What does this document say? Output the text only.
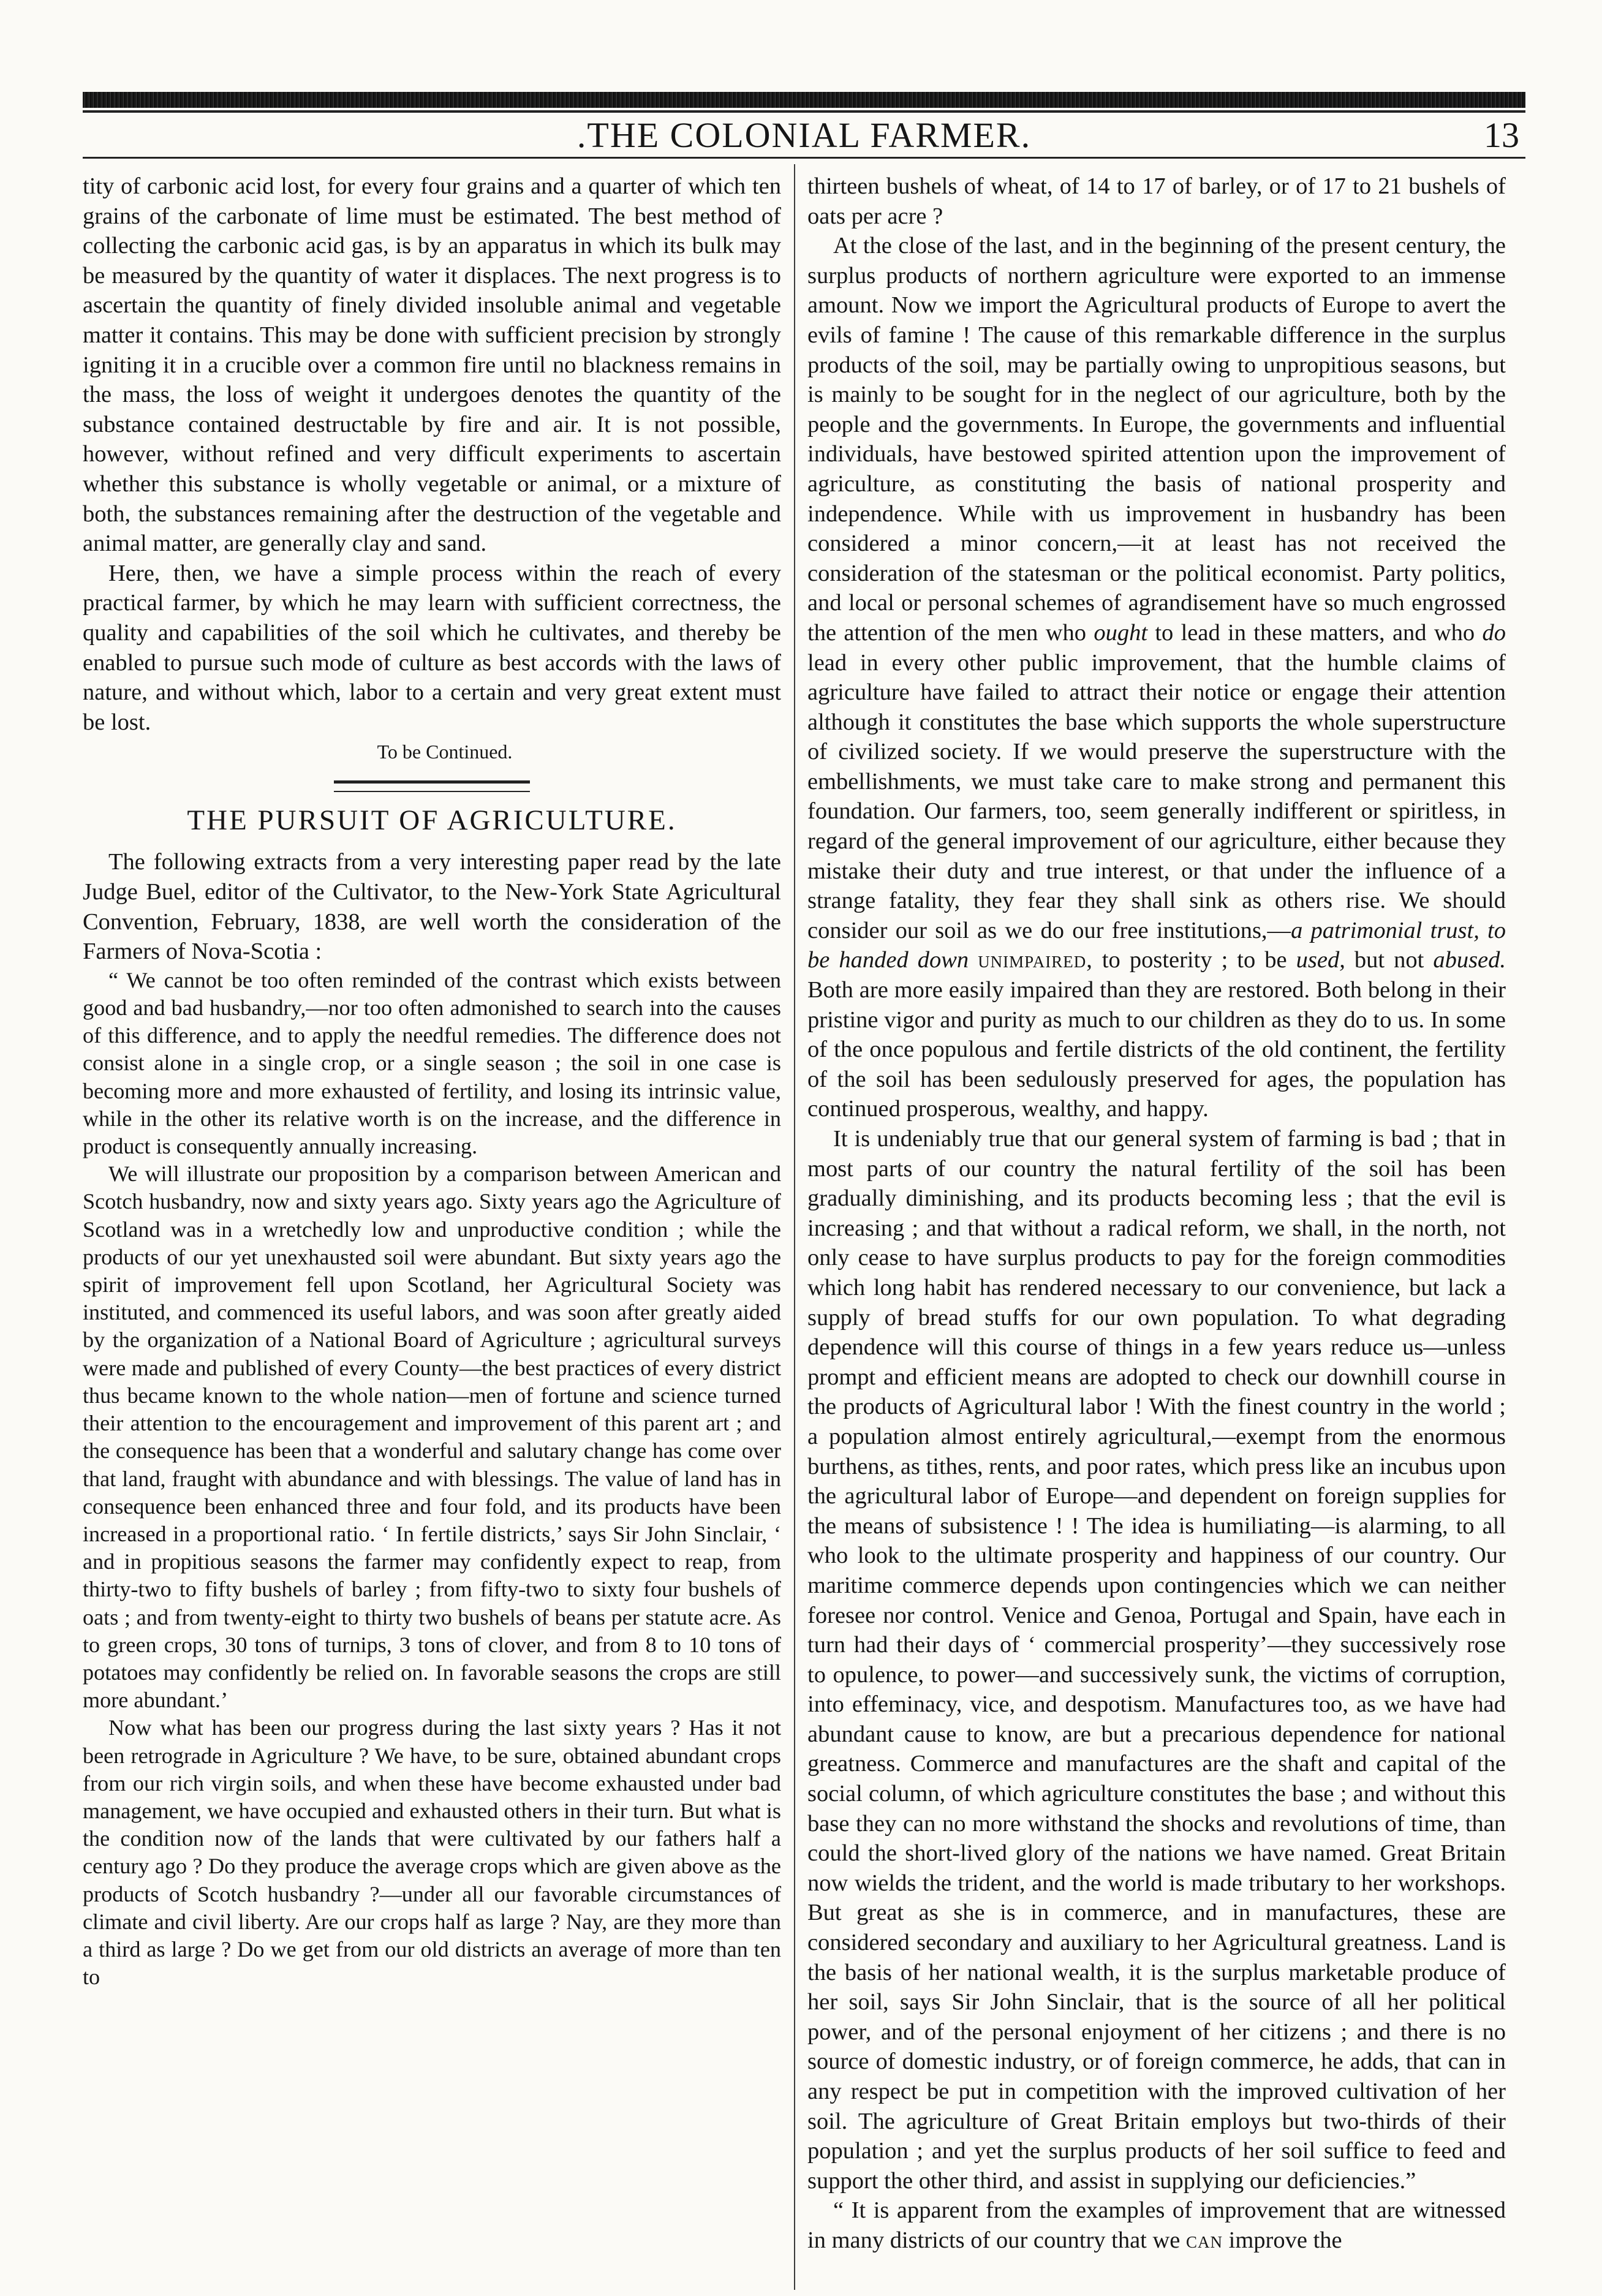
.THE COLONIAL FARMER.	13

tity of carbonic acid lost, for every four grains and a quarter of which ten grains of the carbonate of lime must be estimated. The best method of collecting the carbonic acid gas, is by an apparatus in which its bulk may be measured by the quantity of water it displaces. The next progress is to ascertain the quantity of finely divided insoluble animal and vegetable matter it contains. This may be done with sufficient precision by strongly igniting it in a crucible over a common fire until no blackness remains in the mass, the loss of weight it undergoes denotes the quantity of the substance contained destructable by fire and air. It is not possible, however, without refined and very difficult experiments to ascertain whether this substance is wholly vegetable or animal, or a mixture of both, the substances remaining after the destruction of the vegetable and animal matter, are generally clay and sand.

Here, then, we have a simple process within the reach of every practical farmer, by which he may learn with sufficient correctness, the quality and capabilities of the soil which he cultivates, and thereby be enabled to pursue such mode of culture as best accords with the laws of nature, and without which, labor to a certain and very great extent must be lost.

To be Continued.

THE PURSUIT OF AGRICULTURE.

The following extracts from a very interesting paper read by the late Judge Buel, editor of the Cultivator, to the New-York State Agricultural Convention, February, 1838, are well worth the consideration of the Farmers of Nova-Scotia :

“ We cannot be too often reminded of the contrast which exists between good and bad husbandry,—nor too often admonished to search into the causes of this difference, and to apply the needful remedies. The difference does not consist alone in a single crop, or a single season ; the soil in one case is becoming more and more exhausted of fertility, and losing its intrinsic value, while in the other its relative worth is on the increase, and the difference in product is consequently annually increasing.

We will illustrate our proposition by a comparison between American and Scotch husbandry, now and sixty years ago. Sixty years ago the Agriculture of Scotland was in a wretchedly low and unproductive condition ; while the products of our yet unexhausted soil were abundant. But sixty years ago the spirit of improvement fell upon Scotland, her Agricultural Society was instituted, and commenced its useful labors, and was soon after greatly aided by the organization of a National Board of Agriculture ; agricultural surveys were made and published of every County—the best practices of every district thus became known to the whole nation—men of fortune and science turned their attention to the encouragement and improvement of this parent art ; and the consequence has been that a wonderful and salutary change has come over that land, fraught with abundance and with blessings. The value of land has in consequence been enhanced three and four fold, and its products have been increased in a proportional ratio. ‘ In fertile districts,’ says Sir John Sinclair, ‘ and in propitious seasons the farmer may confidently expect to reap, from thirty-two to fifty bushels of barley ; from fifty-two to sixty four bushels of oats ; and from twenty-eight to thirty two bushels of beans per statute acre. As to green crops, 30 tons of turnips, 3 tons of clover, and from 8 to 10 tons of potatoes may confidently be relied on. In favorable seasons the crops are still more abundant.’

Now what has been our progress during the last sixty years ? Has it not been retrograde in Agriculture ? We have, to be sure, obtained abundant crops from our rich virgin soils, and when these have become exhausted under bad management, we have occupied and exhausted others in their turn. But what is the condition now of the lands that were cultivated by our fathers half a century ago ? Do they produce the average crops which are given above as the products of Scotch husbandry ?—under all our favorable circumstances of climate and civil liberty. Are our crops half as large ? Nay, are they more than a third as large ? Do we get from our old districts an average of more than ten to

thirteen bushels of wheat, of 14 to 17 of barley, or of 17 to 21 bushels of oats per acre ?

At the close of the last, and in the beginning of the present century, the surplus products of northern agriculture were exported to an immense amount. Now we import the Agricultural products of Europe to avert the evils of famine ! The cause of this remarkable difference in the surplus products of the soil, may be partially owing to unpropitious seasons, but is mainly to be sought for in the neglect of our agriculture, both by the people and the governments. In Europe, the governments and influential individuals, have bestowed spirited attention upon the improvement of agriculture, as constituting the basis of national prosperity and independence. While with us improvement in husbandry has been considered a minor concern,—it at least has not received the consideration of the statesman or the political economist. Party politics, and local or personal schemes of agrandisement have so much engrossed the attention of the men who ought to lead in these matters, and who do lead in every other public improvement, that the humble claims of agriculture have failed to attract their notice or engage their attention although it constitutes the base which supports the whole superstructure of civilized society. If we would preserve the superstructure with the embellishments, we must take care to make strong and permanent this foundation. Our farmers, too, seem generally indifferent or spiritless, in regard of the general improvement of our agriculture, either because they mistake their duty and true interest, or that under the influence of a strange fatality, they fear they shall sink as others rise. We should consider our soil as we do our free institutions,—a patrimonial trust, to be handed down unimpaired, to posterity ; to be used, but not abused. Both are more easily impaired than they are restored. Both belong in their pristine vigor and purity as much to our children as they do to us. In some of the once populous and fertile districts of the old continent, the fertility of the soil has been sedulously preserved for ages, the population has continued prosperous, wealthy, and happy.

It is undeniably true that our general system of farming is bad ; that in most parts of our country the natural fertility of the soil has been gradually diminishing, and its products becoming less ; that the evil is increasing ; and that without a radical reform, we shall, in the north, not only cease to have surplus products to pay for the foreign commodities which long habit has rendered necessary to our convenience, but lack a supply of bread stuffs for our own population. To what degrading dependence will this course of things in a few years reduce us—unless prompt and efficient means are adopted to check our downhill course in the products of Agricultural labor ! With the finest country in the world ; a population almost entirely agricultural,—exempt from the enormous burthens, as tithes, rents, and poor rates, which press like an incubus upon the agricultural labor of Europe—and dependent on foreign supplies for the means of subsistence ! ! The idea is humiliating—is alarming, to all who look to the ultimate prosperity and happiness of our country. Our maritime commerce depends upon contingencies which we can neither foresee nor control. Venice and Genoa, Portugal and Spain, have each in turn had their days of ‘ commercial prosperity’—they successively rose to opulence, to power—and successively sunk, the victims of corruption, into effeminacy, vice, and despotism. Manufactures too, as we have had abundant cause to know, are but a precarious dependence for national greatness. Commerce and manufactures are the shaft and capital of the social column, of which agriculture constitutes the base ; and without this base they can no more withstand the shocks and revolutions of time, than could the short-lived glory of the nations we have named. Great Britain now wields the trident, and the world is made tributary to her workshops. But great as she is in commerce, and in manufactures, these are considered secondary and auxiliary to her Agricultural greatness. Land is the basis of her national wealth, it is the surplus marketable produce of her soil, says Sir John Sinclair, that is the source of all her political power, and of the personal enjoyment of her citizens ; and there is no source of domestic industry, or of foreign commerce, he adds, that can in any respect be put in competition with the improved cultivation of her soil. The agriculture of Great Britain employs but two-thirds of their population ; and yet the surplus products of her soil suffice to feed and support the other third, and assist in supplying our deficiencies.”

“ It is apparent from the examples of improvement that are witnessed in many districts of our country that we can improve the
